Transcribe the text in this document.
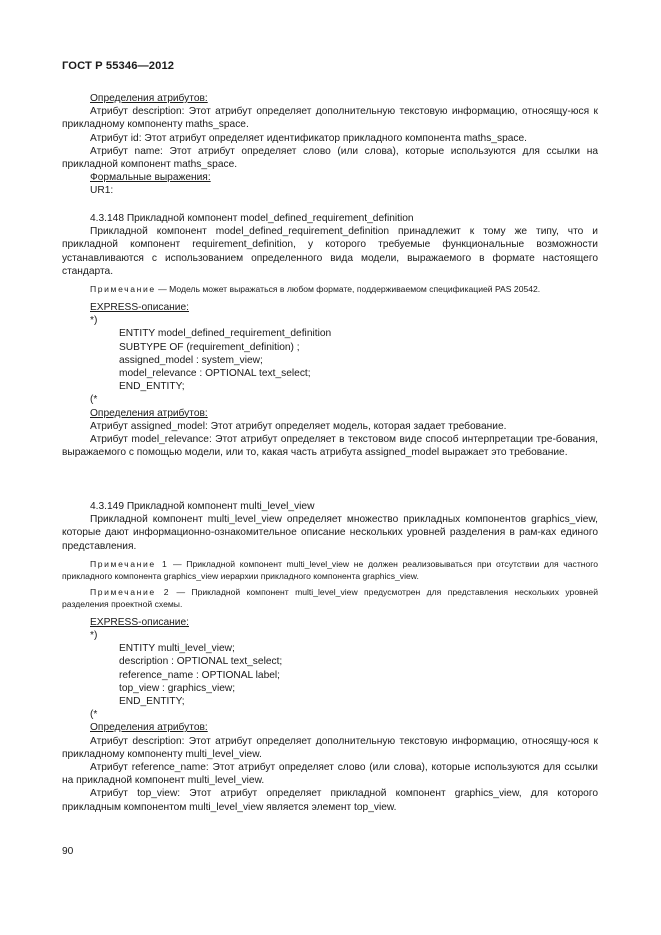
ГОСТ Р 55346—2012
Определения атрибутов:

Атрибут description: Этот атрибут определяет дополнительную текстовую информацию, относящу-юся к прикладному компоненту maths_space.

Атрибут id: Этот атрибут определяет идентификатор прикладного компонента maths_space.

Атрибут name: Этот атрибут определяет слово (или слова), которые используются для ссылки на прикладной компонент maths_space.

Формальные выражения:
UR1:

4.3.148 Прикладной компонент model_defined_requirement_definition

Прикладной компонент model_defined_requirement_definition принадлежит к тому же типу, что и прикладной компонент requirement_definition, у которого требуемые функциональные возможности устанавливаются с использованием определенного вида модели, выражаемого в формате настоящего стандарта.

Примечание — Модель может выражаться в любом формате, поддерживаемом спецификацией PAS 20542.

EXPRESS-описание:
*)
ENTITY model_defined_requirement_definition
SUBTYPE OF (requirement_definition) ;
assigned_model : system_view;
model_relevance : OPTIONAL text_select;
END_ENTITY;
(*
Определения атрибутов:

Атрибут assigned_model: Этот атрибут определяет модель, которая задает требование.

Атрибут model_relevance: Этот атрибут определяет в текстовом виде способ интерпретации тре-бования, выражаемого с помощью модели, или то, какая часть атрибута assigned_model выражает это требование.

4.3.149 Прикладной компонент multi_level_view

Прикладной компонент multi_level_view определяет множество прикладных компонентов graphics_view, которые дают информационно-ознакомительное описание нескольких уровней разделения в рам-ках единого представления.

Примечание 1 — Прикладной компонент multi_level_view не должен реализовываться при отсутствии для частного прикладного компонента graphics_view иерархии прикладного компонента graphics_view.

Примечание 2 — Прикладной компонент multi_level_view предусмотрен для представления нескольких уровней разделения проектной схемы.

EXPRESS-описание:
*)
ENTITY multi_level_view;
description : OPTIONAL text_select;
reference_name : OPTIONAL label;
top_view : graphics_view;
END_ENTITY;
(*
Определения атрибутов:

Атрибут description: Этот атрибут определяет дополнительную текстовую информацию, относящу-юся к прикладному компоненту multi_level_view.

Атрибут reference_name: Этот атрибут определяет слово (или слова), которые используются для ссылки на прикладной компонент multi_level_view.

Атрибут top_view: Этот атрибут определяет прикладной компонент graphics_view, для которого прикладным компонентом multi_level_view является элемент top_view.

90
